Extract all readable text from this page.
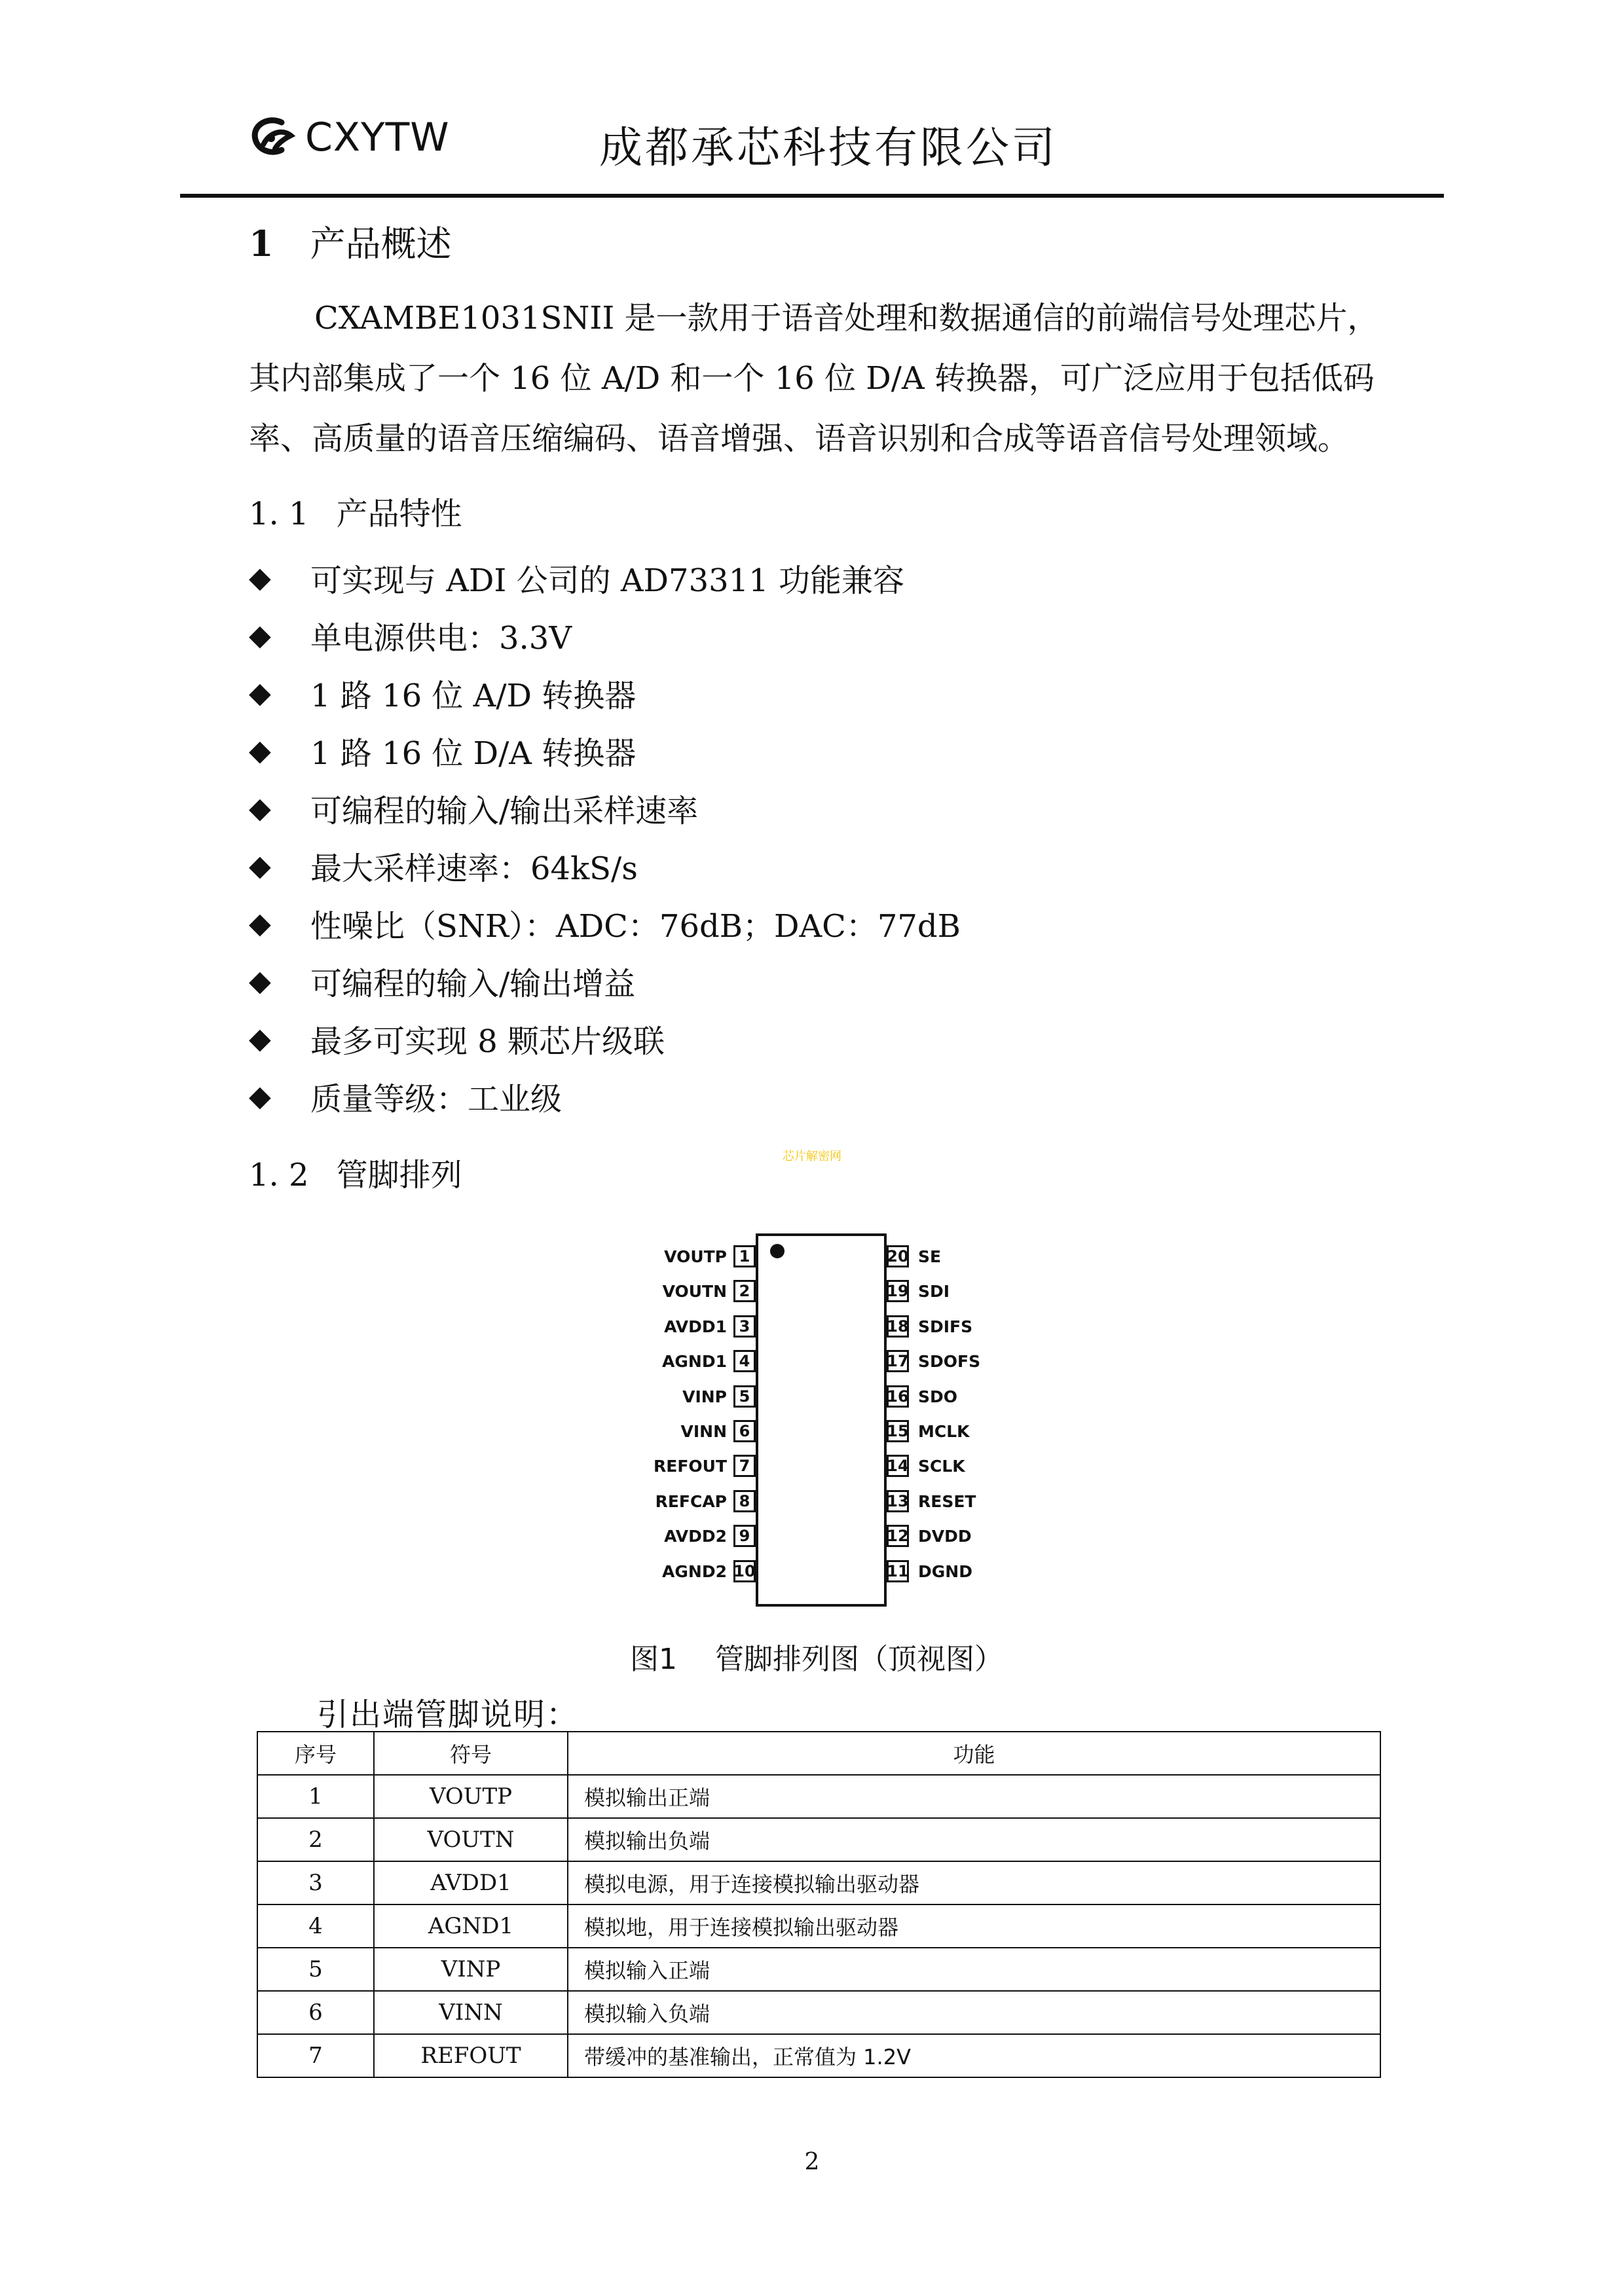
CXYTW	成都承芯科技有限公司
1 产品概述
CXAMBE1031SNII 是一款用于语音处理和数据通信的前端信号处理芯片，其内部集成了一个 16 位 A/D 和一个 16 位 D/A 转换器，可广泛应用于包括低码率、高质量的语音压缩编码、语音增强、语音识别和合成等语音信号处理领域。
1. 1 产品特性
◆	可实现与 ADI 公司的 AD73311 功能兼容
◆	单电源供电：3.3V
◆	1 路 16 位 A/D 转换器
◆	1 路 16 位 D/A 转换器
◆	可编程的输入/输出采样速率
◆	最大采样速率：64kS/s
◆	性噪比（SNR）：ADC：76dB；DAC：77dB
◆	可编程的输入/输出增益
◆	最多可实现 8 颗芯片级联
◆	质量等级：工业级
1. 2 管脚排列
芯片解密网
VOUTP 1
VOUTN 2
AVDD1 3
AGND1 4
VINP 5
VINN 6
REFOUT 7
REFCAP 8
AVDD2 9
AGND2 10
20 SE
19 SDI
18 SDIFS
17 SDOFS
16 SDO
15 MCLK
14 SCLK
13 RESET
12 DVDD
11 DGND
图1　 管脚排列图（顶视图）
引出端管脚说明：
序号	符号	功能
1	VOUTP	模拟输出正端
2	VOUTN	模拟输出负端
3	AVDD1	模拟电源，用于连接模拟输出驱动器
4	AGND1	模拟地，用于连接模拟输出驱动器
5	VINP	模拟输入正端
6	VINN	模拟输入负端
7	REFOUT	带缓冲的基准输出，正常值为 1.2V
2
